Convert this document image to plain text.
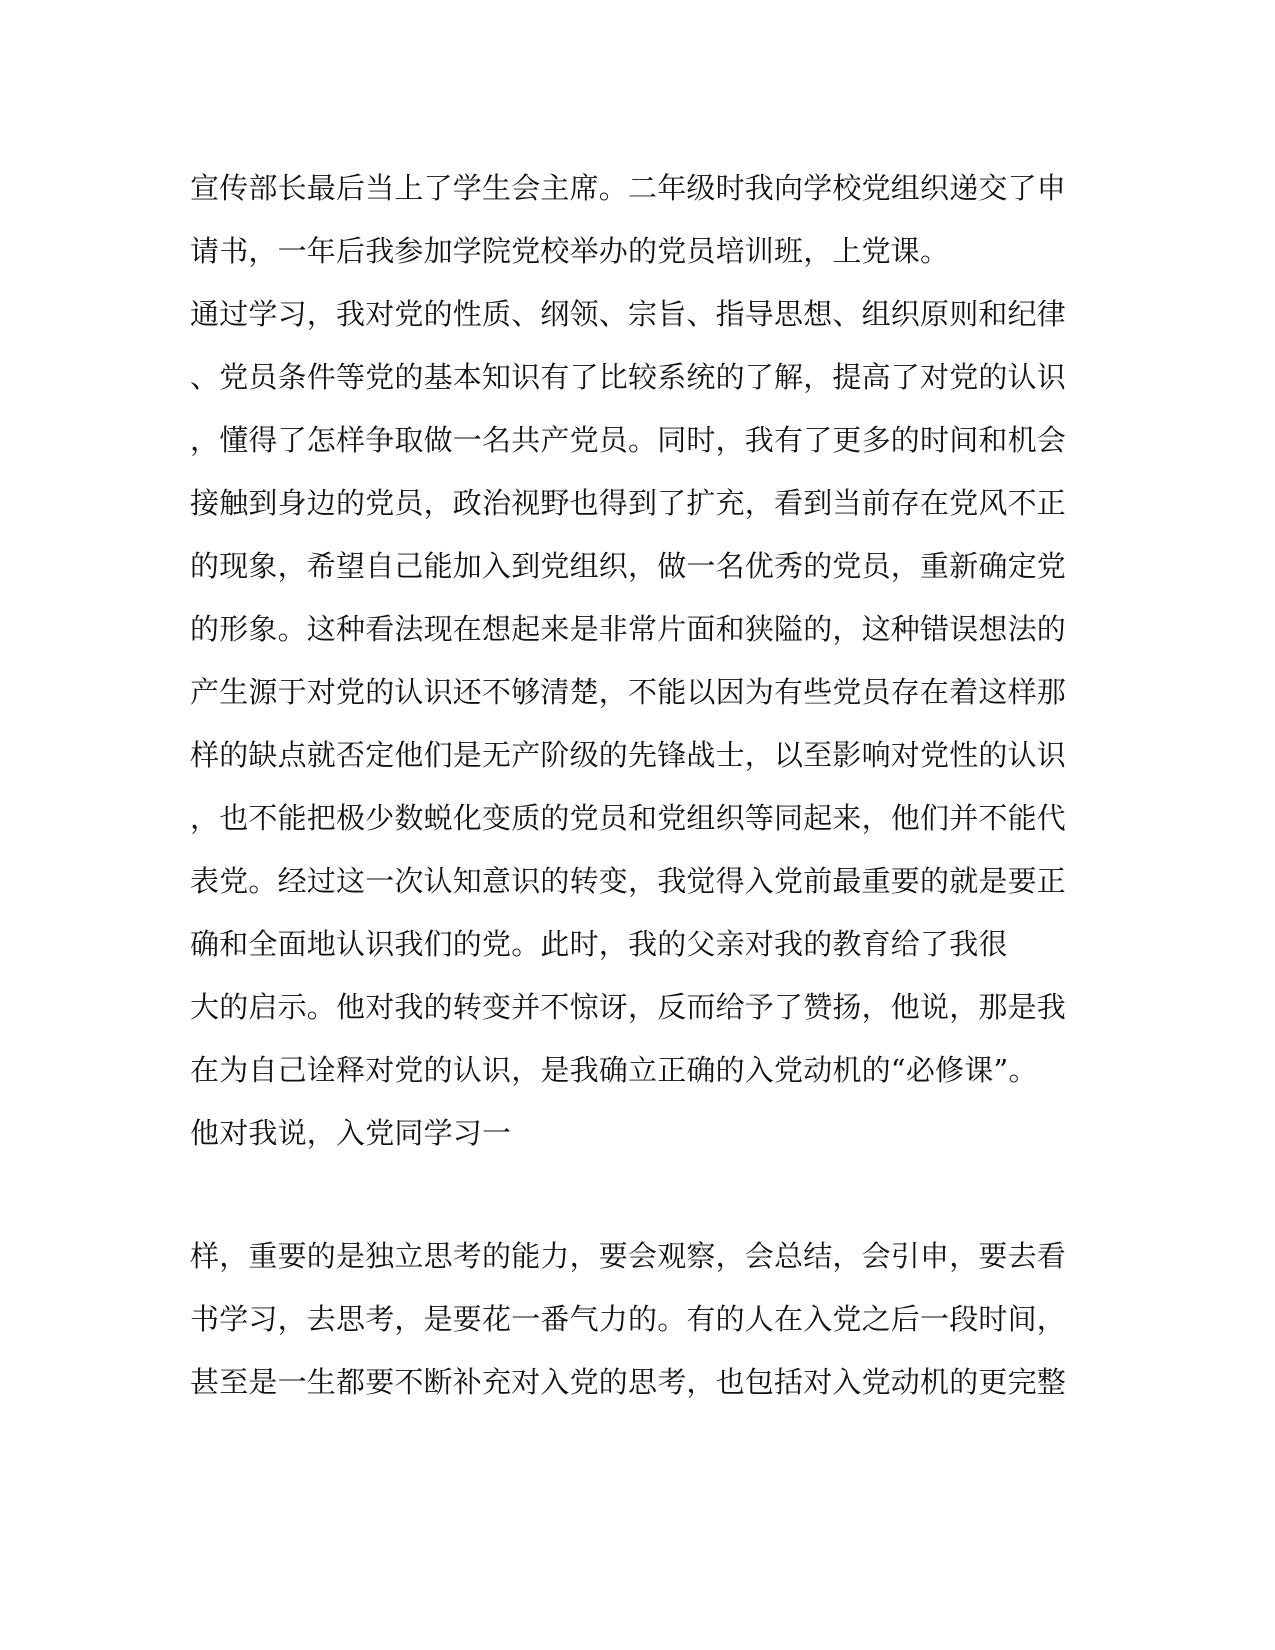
宣传部长最后当上了学生会主席。二年级时我向学校党组织递交了申
请书，一年后我参加学院党校举办的党员培训班，上党课。
通过学习，我对党的性质、纲领、宗旨、指导思想、组织原则和纪律
、党员条件等党的基本知识有了比较系统的了解，提高了对党的认识
，懂得了怎样争取做一名共产党员。同时，我有了更多的时间和机会
接触到身边的党员，政治视野也得到了扩充，看到当前存在党风不正
的现象，希望自己能加入到党组织，做一名优秀的党员，重新确定党
的形象。这种看法现在想起来是非常片面和狭隘的，这种错误想法的
产生源于对党的认识还不够清楚，不能以因为有些党员存在着这样那
样的缺点就否定他们是无产阶级的先锋战士，以至影响对党性的认识
，也不能把极少数蜕化变质的党员和党组织等同起来，他们并不能代
表党。经过这一次认知意识的转变，我觉得入党前最重要的就是要正
确和全面地认识我们的党。此时，我的父亲对我的教育给了我很
大的启示。他对我的转变并不惊讶，反而给予了赞扬，他说，那是我
在为自己诠释对党的认识，是我确立正确的入党动机的“必修课”。
他对我说，入党同学习一
样，重要的是独立思考的能力，要会观察，会总结，会引申，要去看
书学习，去思考，是要花一番气力的。有的人在入党之后一段时间，
甚至是一生都要不断补充对入党的思考，也包括对入党动机的更完整
